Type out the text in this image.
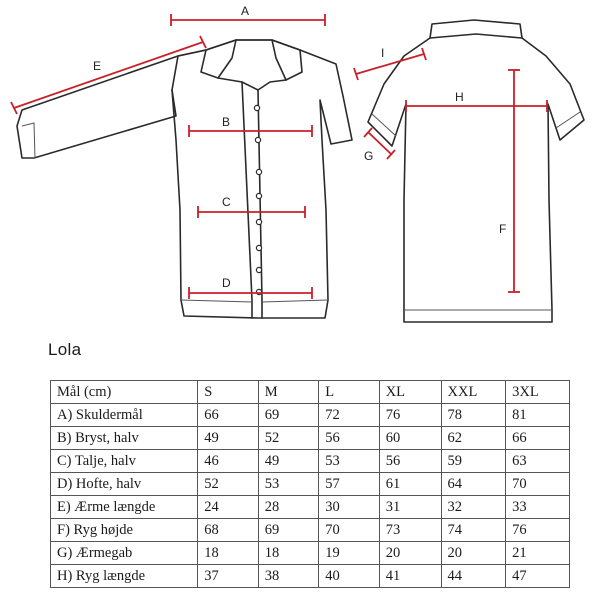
A
B
C
D
E
F
G
H
I
Lola
Mål (cm)	S	M	L	XL	XXL	3XL
A) Skuldermål	66	69	72	76	78	81
B) Bryst, halv	49	52	56	60	62	66
C) Talje, halv	46	49	53	56	59	63
D) Hofte, halv	52	53	57	61	64	70
E) Ærme længde	24	28	30	31	32	33
F) Ryg højde	68	69	70	73	74	76
G) Ærmegab	18	18	19	20	20	21
H) Ryg længde	37	38	40	41	44	47
